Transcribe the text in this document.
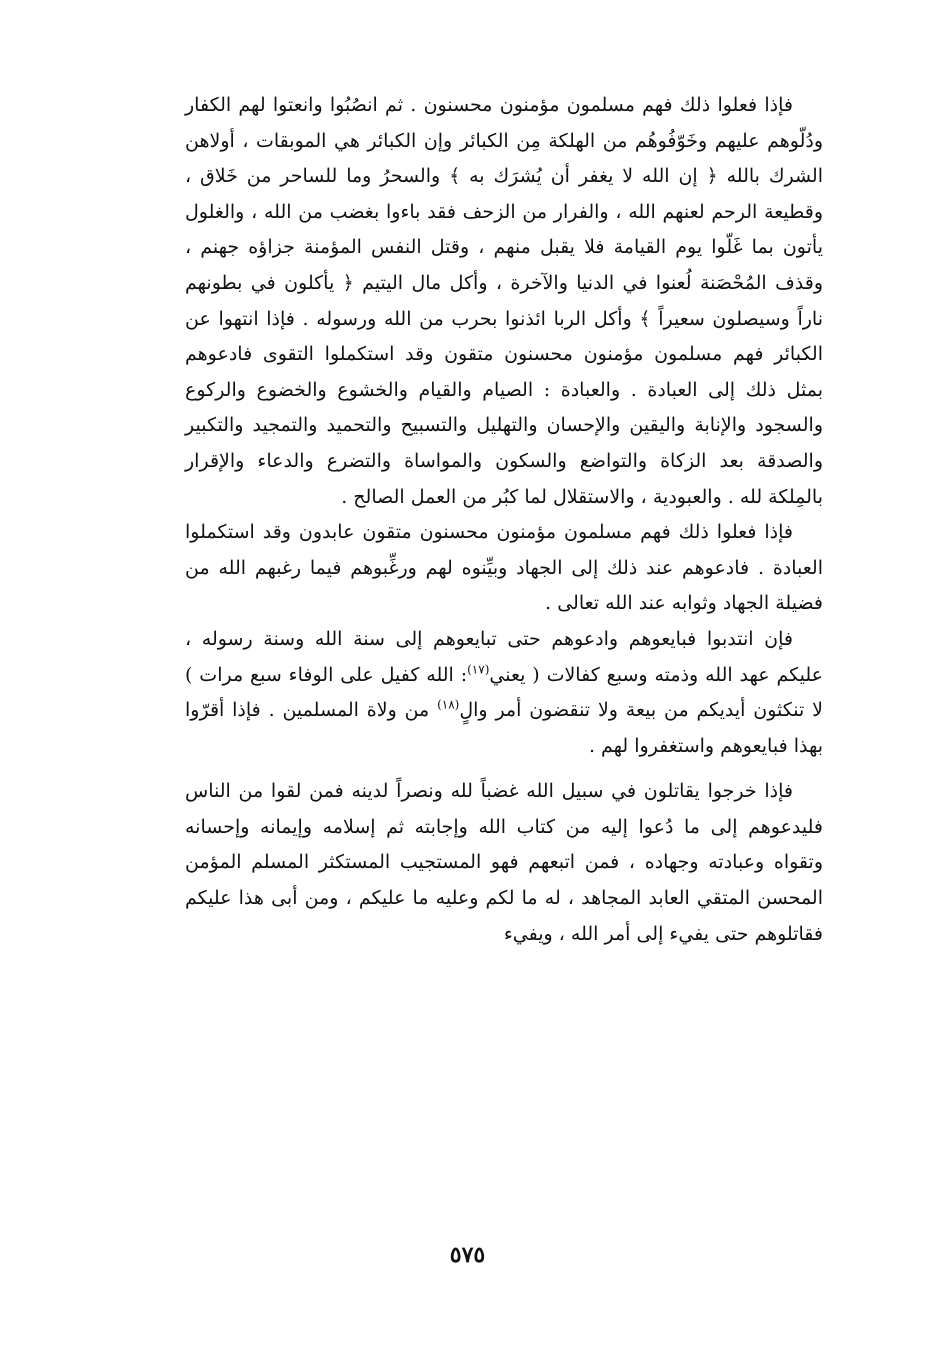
فإذا فعلوا ذلك فهم مسلمون مؤمنون محسنون . ثم انصُبُوا وانعتوا لهم الكفار ودُلّوهم عليهم وخَوّفُوهُم من الهلكة مِن الكبائر وإن الكبائر هي الموبقات ، أولاهن الشرك بالله ﴿ إن الله لا يغفر أن يُشرَك به ﴾ والسحرُ وما للساحر من خَلاق ، وقطيعة الرحم لعنهم الله ، والفرار من الزحف فقد باءوا بغضب من الله ، والغلول يأتون بما غَلّوا يوم القيامة فلا يقبل منهم ، وقتل النفس المؤمنة جزاؤه جهنم ، وقذف المُحْصَنة لُعنوا في الدنيا والآخرة ، وأكل مال اليتيم ﴿ يأكلون في بطونهم ناراً وسيصلون سعيراً ﴾ وأكل الربا ائذنوا بحرب من الله ورسوله . فإذا انتهوا عن الكبائر فهم مسلمون مؤمنون محسنون متقون وقد استكملوا التقوى فادعوهم بمثل ذلك إلى العبادة . والعبادة : الصيام والقيام والخشوع والخضوع والركوع والسجود والإنابة واليقين والإحسان والتهليل والتسبيح والتحميد والتمجيد والتكبير والصدقة بعد الزكاة والتواضع والسكون والمواساة والتضرع والدعاء والإقرار بالمِلكة لله . والعبودية ، والاستقلال لما كبُر من العمل الصالح .

فإذا فعلوا ذلك فهم مسلمون مؤمنون محسنون متقون عابدون وقد استكملوا العبادة . فادعوهم عند ذلك إلى الجهاد وبيِّنوه لهم ورغِّبوهم فيما رغبهم الله من فضيلة الجهاد وثوابه عند الله تعالى .

فإن انتدبوا فبايعوهم وادعوهم حتى تبايعوهم إلى سنة الله وسنة رسوله ، عليكم عهد الله وذمته وسبع كفالات ( يعني$^{(١٧)}$: الله كفيل على الوفاء سبع مرات ) لا تنكثون أيديكم من بيعة ولا تنقضون أمر والٍ$^{(١٨)}$ من ولاة المسلمين . فإذا أقرّوا بهذا فبايعوهم واستغفروا لهم .

فإذا خرجوا يقاتلون في سبيل الله غضباً لله ونصراً لدينه فمن لقوا من الناس فليدعوهم إلى ما دُعوا إليه من كتاب الله وإجابته ثم إسلامه وإيمانه وإحسانه وتقواه وعبادته وجهاده ، فمن اتبعهم فهو المستجيب المستكثر المسلم المؤمن المحسن المتقي العابد المجاهد ، له ما لكم وعليه ما عليكم ، ومن أبى هذا عليكم فقاتلوهم حتى يفيء إلى أمر الله ، ويفيء

٥٧٥
